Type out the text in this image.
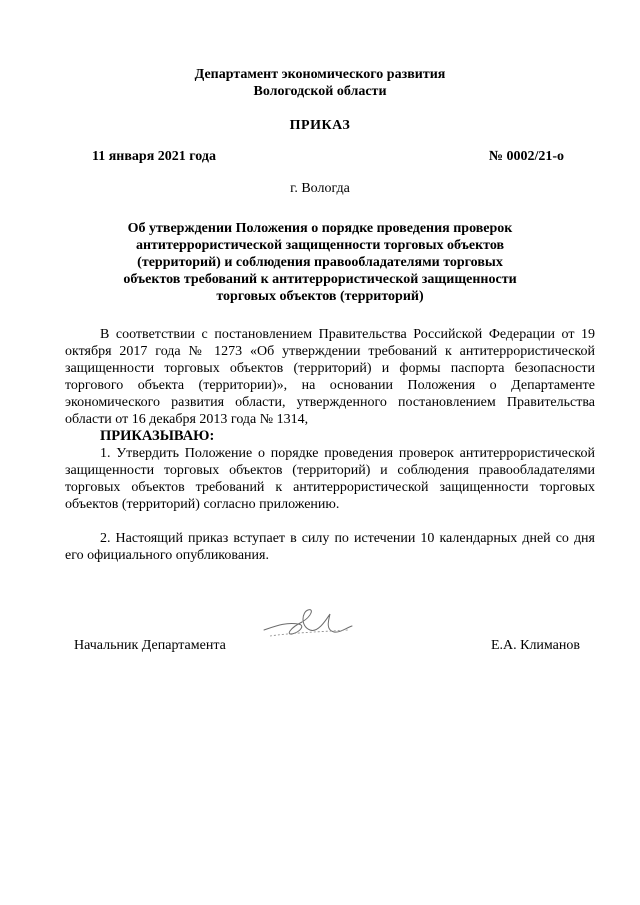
Департамент экономического развития
Вологодской области
ПРИКАЗ
11 января 2021 года	№ 0002/21-о
г. Вологда
Об утверждении Положения о порядке проведения проверок
антитеррористической защищенности торговых объектов
(территорий) и соблюдения правообладателями торговых
объектов требований к антитеррористической защищенности
торговых объектов (территорий)
В соответствии с постановлением Правительства Российской Федерации от 19 октября 2017 года № 1273 «Об утверждении требований к антитеррористической защищенности торговых объектов (территорий) и формы паспорта безопасности торгового объекта (территории)», на основании Положения о Департаменте экономического развития области, утвержденного постановлением Правительства области от 16 декабря 2013 года № 1314,
ПРИКАЗЫВАЮ:
1. Утвердить Положение о порядке проведения проверок антитеррористической защищенности торговых объектов (территорий) и соблюдения правообладателями торговых объектов требований к антитеррористической защищенности торговых объектов (территорий) согласно приложению.
2. Настоящий приказ вступает в силу по истечении 10 календарных дней со дня его официального опубликования.
Начальник Департамента	Е.А. Климанов
